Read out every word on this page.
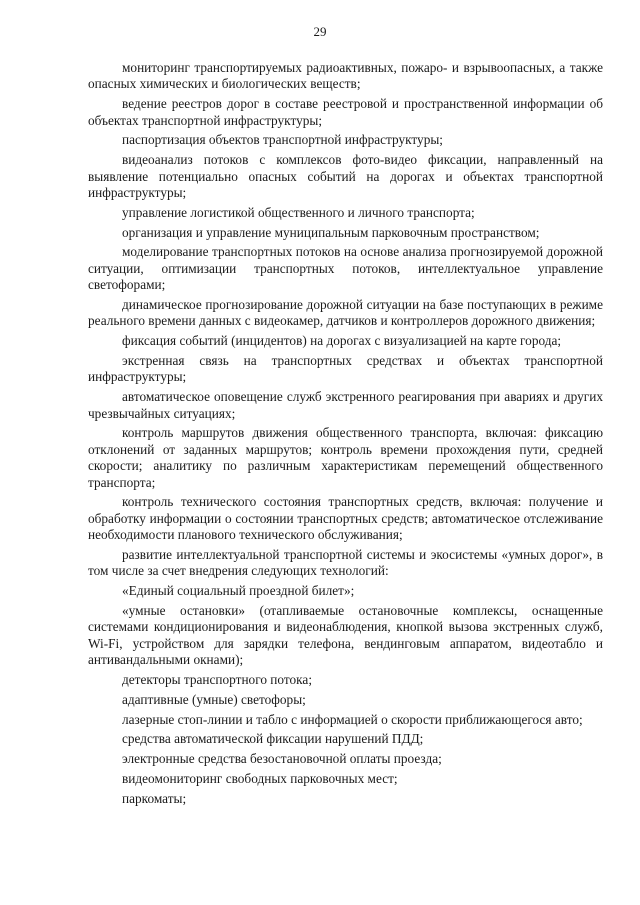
29

мониторинг транспортируемых радиоактивных, пожаро- и взрывоопасных, а также опасных химических и биологических веществ;

ведение реестров дорог в составе реестровой и пространственной информации об объектах транспортной инфраструктуры;

паспортизация объектов транспортной инфраструктуры;

видеоанализ потоков с комплексов фото-видео фиксации, направленный на выявление потенциально опасных событий на дорогах и объектах транспортной инфраструктуры;

управление логистикой общественного и личного транспорта;

организация и управление муниципальным парковочным пространством;

моделирование транспортных потоков на основе анализа прогнозируемой дорожной ситуации, оптимизации транспортных потоков, интеллектуальное управление светофорами;

динамическое прогнозирование дорожной ситуации на базе поступающих в режиме реального времени данных с видеокамер, датчиков и контроллеров дорожного движения;

фиксация событий (инцидентов) на дорогах с визуализацией на карте города;

экстренная связь на транспортных средствах и объектах транспортной инфраструктуры;

автоматическое оповещение служб экстренного реагирования при авариях и других чрезвычайных ситуациях;

контроль маршрутов движения общественного транспорта, включая: фиксацию отклонений от заданных маршрутов; контроль времени прохождения пути, средней скорости; аналитику по различным характеристикам перемещений общественного транспорта;

контроль технического состояния транспортных средств, включая: получение и обработку информации о состоянии транспортных средств; автоматическое отслеживание необходимости планового технического обслуживания;

развитие интеллектуальной транспортной системы и экосистемы «умных дорог», в том числе за счет внедрения следующих технологий:

«Единый социальный проездной билет»;

«умные остановки» (отапливаемые остановочные комплексы, оснащенные системами кондиционирования и видеонаблюдения, кнопкой вызова экстренных служб, Wi-Fi, устройством для зарядки телефона, вендинговым аппаратом, видеотабло и антивандальными окнами);

детекторы транспортного потока;

адаптивные (умные) светофоры;

лазерные стоп-линии и табло с информацией о скорости приближающегося авто;

средства автоматической фиксации нарушений ПДД;

электронные средства безостановочной оплаты проезда;

видеомониторинг свободных парковочных мест;

паркоматы;
